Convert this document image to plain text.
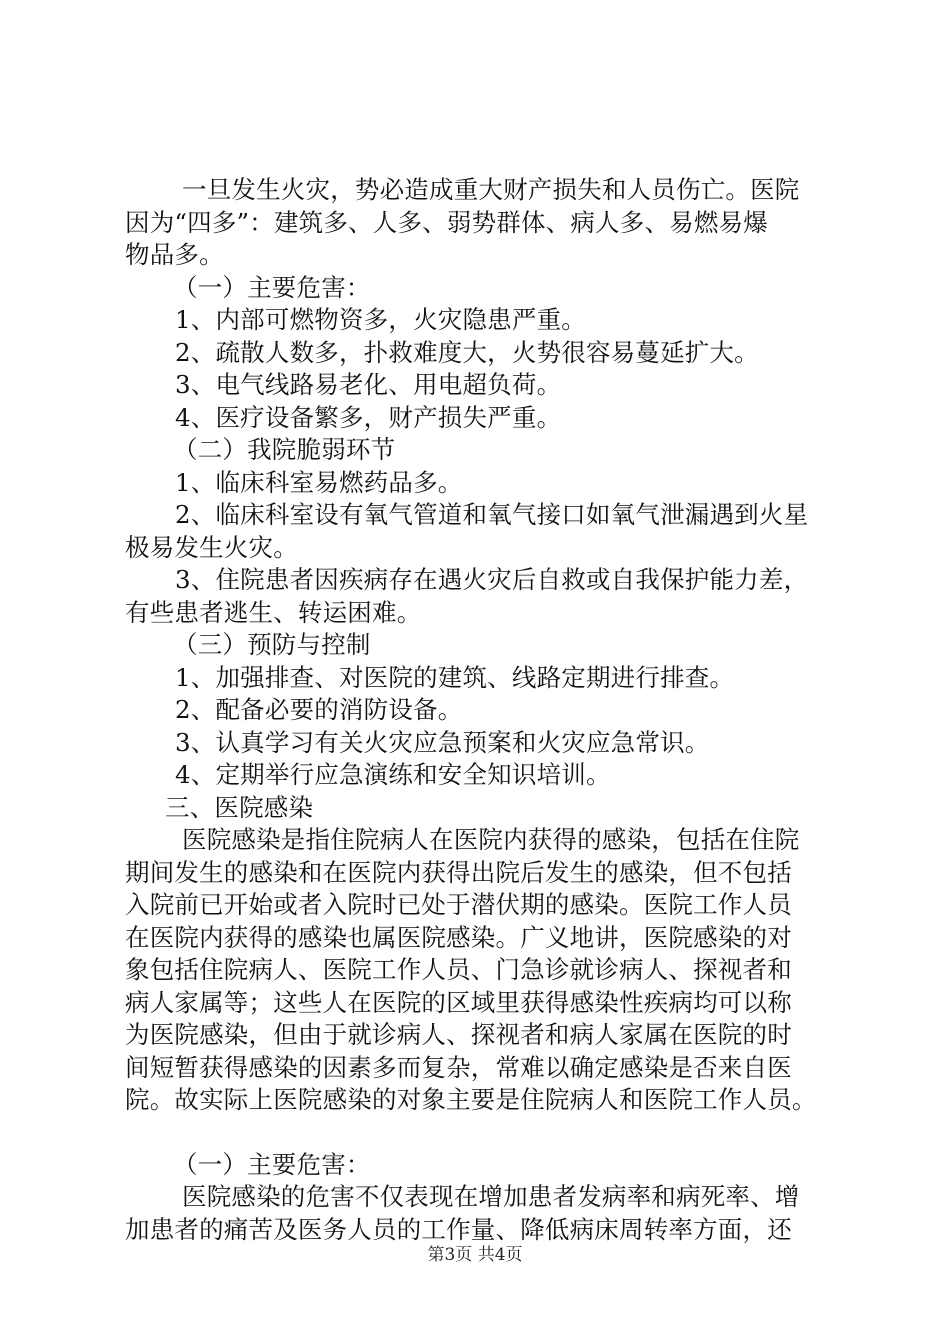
一旦发生火灾，势必造成重大财产损失和人员伤亡。医院
因为“四多”：建筑多、人多、弱势群体、病人多、易燃易爆
物品多。
（一）主要危害：
1、内部可燃物资多，火灾隐患严重。
2、疏散人数多，扑救难度大，火势很容易蔓延扩大。
3、电气线路易老化、用电超负荷。
4、医疗设备繁多，财产损失严重。
（二）我院脆弱环节
1、临床科室易燃药品多。
2、临床科室设有氧气管道和氧气接口如氧气泄漏遇到火星
极易发生火灾。
3、住院患者因疾病存在遇火灾后自救或自我保护能力差，
有些患者逃生、转运困难。
（三）预防与控制
1、加强排查、对医院的建筑、线路定期进行排查。
2、配备必要的消防设备。
3、认真学习有关火灾应急预案和火灾应急常识。
4、定期举行应急演练和安全知识培训。
三、医院感染
医院感染是指住院病人在医院内获得的感染，包括在住院
期间发生的感染和在医院内获得出院后发生的感染，但不包括
入院前已开始或者入院时已处于潜伏期的感染。医院工作人员
在医院内获得的感染也属医院感染。广义地讲，医院感染的对
象包括住院病人、医院工作人员、门急诊就诊病人、探视者和
病人家属等；这些人在医院的区域里获得感染性疾病均可以称
为医院感染，但由于就诊病人、探视者和病人家属在医院的时
间短暂获得感染的因素多而复杂，常难以确定感染是否来自医
院。故实际上医院感染的对象主要是住院病人和医院工作人员。
（一）主要危害：
医院感染的危害不仅表现在增加患者发病率和病死率、增
加患者的痛苦及医务人员的工作量、降低病床周转率方面，还
第3页 共4页
